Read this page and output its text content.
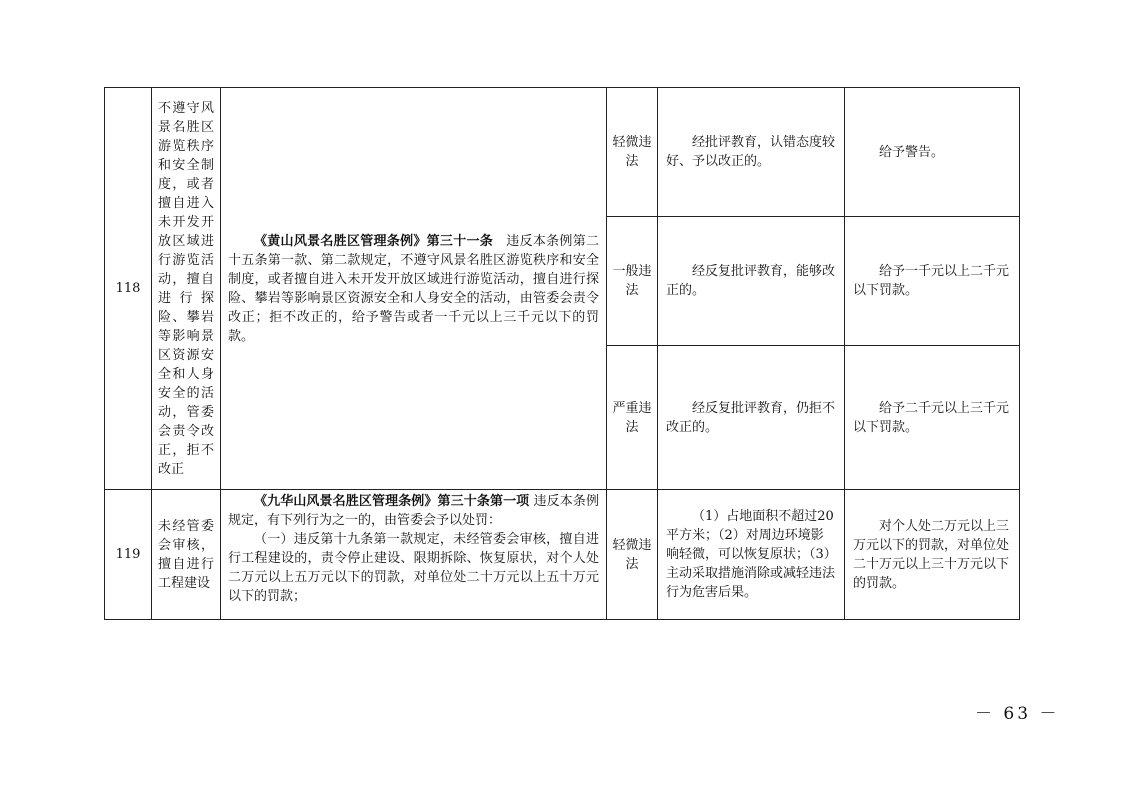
118	不遵守风景名胜区游览秩序和安全制度，或者擅自进入未开发开放区域进行游览活动，擅自进行探险、攀岩等影响景区资源安全和人身安全的活动，管委会责令改正，拒不改正	《黄山风景名胜区管理条例》第三十一条 违反本条例第二十五条第一款、第二款规定，不遵守风景名胜区游览秩序和安全制度，或者擅自进入未开发开放区域进行游览活动，擅自进行探险、攀岩等影响景区资源安全和人身安全的活动，由管委会责令改正；拒不改正的，给予警告或者一千元以上三千元以下的罚款。	轻微违法	经批评教育，认错态度较好、予以改正的。	给予警告。

			一般违法	经反复批评教育，能够改正的。	给予一千元以上二千元以下罚款。

			严重违法	经反复批评教育，仍拒不改正的。	给予二千元以上三千元以下罚款。

119	未经管委会审核，擅自进行工程建设	《九华山风景名胜区管理条例》第三十条第一项 违反本条例规定，有下列行为之一的，由管委会予以处罚：
（一）违反第十九条第一款规定，未经管委会审核，擅自进行工程建设的，责令停止建设、限期拆除、恢复原状，对个人处二万元以上五万元以下的罚款，对单位处二十万元以上五十万元以下的罚款；	轻微违法	（1）占地面积不超过20平方米；（2）对周边环境影响轻微，可以恢复原状；（3）主动采取措施消除或减轻违法行为危害后果。	对个人处二万元以上三万元以下的罚款，对单位处二十万元以上三十万元以下的罚款。
－ 63 －
